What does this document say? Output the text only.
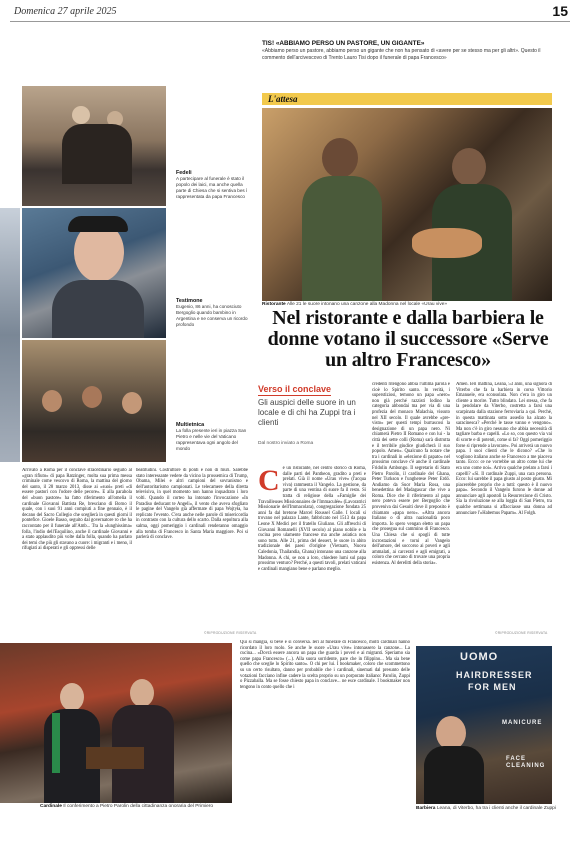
Domenica 27 aprile 2025	15
TIS! «ABBIAMO PERSO UN PASTORE, UN GIGANTE»
«Abbiamo perso un pastore, abbiamo perso un gigante che non ha pensato di «avere per se stesso ma per gli altri». Questo il commento dell'arcivescovo di Trento Lauro Tisi dopo il funerale di papa Francesco»
Fedeli
A partecipare al funerale è stato il popolo dei laici, ma anche quella parte di Chiesa che si sentiva bes ì rappresentata da papa Francesco
Testimone
Eugenio, 86 anni, ha conosciuto Bergoglio quando bambino in Argentina e ne conserva un ricordo profondo
Multietnica
La folla presente ieri in piazza San Pietro e nelle vie del Vaticano rappresentava ogni angolo del mondo
L'attesa
Ristorante Alle 21 le suore intonano una canzone alla Madonna nel locale «Urau vive»
Nel ristorante e dalla barbiera le donne votano il successore «Serve un altro Francesco»
Verso il conclave
Gli auspici delle suore in un locale e di chi ha Zuppi tra i clienti
Dal nostro inviato a Roma
Arrivato a Roma per il conclave straordinario seguito al «gran rifiuto» di papa Ratzinger, molta sua prima messa criminale come vescovo di Roma, la mattina del giorno del santo, il 28 marzo 2013, disse ai «suoi» preti «di essere pastori con l'odore delle pecore». E alla parabola del «buon pastore» ha fatto riferimento all'omelia il cardinale Giovanni Battista Re, bresciano di Borno il quale, con i suoi 91 anni compiuti a fine gennaio, è il decano del Sacro Collegio che sceglierà in questi giorni il pontefice. Gioele Basso, seguito dal governatore ro che ha raccontato per il funerale all'Amb... Tra la «lunghissima» folla, l'indio dell'Esquilino, anche il cardinale Giovanni e a stato applaudito più volte dalla folla, quando ha parlato dei temi che più gli stavano a cuore: i migranti e i meno, il rifugiati ai disperati e gli oppressi delle
beatitudini. Costruttore di ponti e non di muri. Sarebbe stato interessante vedere da vicino la prossemica di Trump, Obama, Milei e altri campioni del sovranismo e dell'autoritarismo campionati. Le telecamere della diretta televisiva, in quel momento non hanno inquadrato i loro volti. Quando il corteo ha intonato l'invocazione «In Paradiso deducant te Angeli», il vento che aveva sfogliato le pagine del Vangelo già affermate di papa Wojtyła, ha replicato l'evento. C'era anche nelle parole di misericordia in contrasto con la cultura dello scarto. Dalla sepoltura alla salma, oggi pomeriggio i cardinali renderanno omaggio alla tomba di Francesco in Santa Maria maggiore. Poi si parlerà di conclave.
©RIPRODUZIONE RISERVATA
Cè un ristorante, nel centro storico di Roma, dalle parti del Pantheon, gradito a preti e prelati. Già il nome «Urau vive» (l'acqua viva) rammenta il Vangelo. La gestione, da parte di una ventina di suore fa il resto. Si tratta di religiose della «Famiglie dei Travailleuses Missionnaires de l'Immaculée» (Lavoratrici Missionarie dell'Immacolata), congregazione fondata 25 anni fa dal bretone Marcel Roussel Galle. I locali si trovano nel palazzo Lante, fabbricato nel 1513 da papa Leone X Medici per il fratello Giuliano. Gli affreschi di Giovanni Romanelli (XVII secolo) al piano nobile e la cucina preo ulamente francese ma anche asiatica non sono tutto. Alle 21, prima del dessert, le suore in abito tradizionale dei paesi d'origine (Vietnam, Nuova Caledonia, Thailandia, Ghana) intonano una canzone alla Madonna. A chi, se non a loro, chiedere lumi sul papa prossimo venturo? Perché, a questi tavoli, prelati vaticani e cardinali mangiano bene e parlano meglio.
credenti ritengono abbia l'ultima parola e cioè lo Spirito santo. In verità, i superstiziosi, temono un papa «nero» non già perché razzisti lodino la categoria abbondai ma per via di una profezia del monaco Malachia, vissuto nel XII secolo. Il quale avrebbe «pre- visto» per questi tempi burrascosi la designazione di un papa nero. Ni chiamerà Pietro II Romano e con lui - la città dei sette colli (Roma) sarà distrutta e il terribile giudice giudicherà il suo popolo. Amen». Qualcuno fa notare che tra i cardinali in «elezione di papato» nel prossimo conclave c'è anche il cardinale Fridolin Ambongo. Il segretario di Stato Pietro Parolin, il cardinale del Ghana, Peter Turkson e l'ungherese Peter Erdö. Andiamo da Suor Maria Rosa, una benedettina del Madagascar che vive a Roma. Dice che il riferimento al papa nero poteva essere per Bergoglio che proveniva dai Gesuiti dove il preposito è chiamato «papa nero». «Altra ancora Italiano o di altra nazionalità poco importa. Io spero vengan eletto un papa che prosegua sul cammino di Francesco. Una Chiesa che si spogli di tutte incrostazioni e torni al Vangelo dell'amore, del soccorso ai poveri e agli ammalati, ai carcerati e agli emigrati, a coloro che cercano di trovare una propria esistenza. Al derelitti della storia».
Amen. Ieri mattina, Leana, 53 anni, una signora di Viterbo che fa la barbiera in corso Vittorio Emanuele, era sconsolata. Non c'era in giro un cliente a morire. Tutto blindato. Lei stessa, che fa la pendolare da Viterbo, costretta a farsi una scarpinata dalla stazione ferroviaria a qui. Perché, in questa mattinata sotto assedio ha alzato la saracinesca? «Perché le tasse vanno e vengono». Ma non c'è in giro nessuno che abbia necessità di tagliare barba e capelli. «Lo so, con questo via vai di scorte e di potenti, come si fa? Oggi pomeriggio forse si riprende a lavorare». Poi arriverà un nuovo papa. I suoi clienti che le dicono? «Che lo vogliono italiano anche se Francesco a me piaceva tanto. Ecco: ce ne vorrebbe un altro come lui che era uno come noi». Arriva qualche prelato a farsi i capelli? «Sì. Il cardinale Zuppi, una cara persona. Ecco: lui sarebbe il papa giusto al posto giusto. Mi piacerebbe proprio che a tutti: questo è il nuovo papa». Secondo il Vangelo furono le donne ad annunciare agli apostoli la Resurrezione di Cristo. Sia la rivoluzione se alla loggia di San Pietro, tra qualche settimana si affacciasse una donna ad annunciare l'«Habemus Papam». Al Folgh.
©RIPRODUZIONE RISERVATA
Cardinale Il conferimento a Pietro Parolin della cittadinanza onoraria del Primiero
Qui si mangia, si beve e si conversa. Ieri al funerale di Francesco, molti cardinali hanno ricordato il loro ruolo. Se anche le suore «Urau vive» intonassero la canzone... La cucina... «Dovrà essere ancora un papa che guarda i poveri e ai migranti. Speriamo sia come papa Francesco» (...). Alla suora sorridente, pare che in filippino... Ma sia bene quello che sceglie lo Spirito santo». O chi per lui. I bookmaker, coloro che scommettono su un certo risultato, danno per probabile che i cardinali, sinemati dal presunto delle votazioni facciano infine cadere la scelta proprio su un porporato italiano: Parolin, Zuppi o Pizzaballa. Ma se fosse chiesto papa in conclave... ne esce cardinale. I bookmaker non tengono in conto quello che i
UOMO
HAIRDRESSER
FOR MEN
MANICURE
FACE CLEANING
Barbiera Leana, di Viterbo, ha tra i clienti anche il cardinale Zuppi
